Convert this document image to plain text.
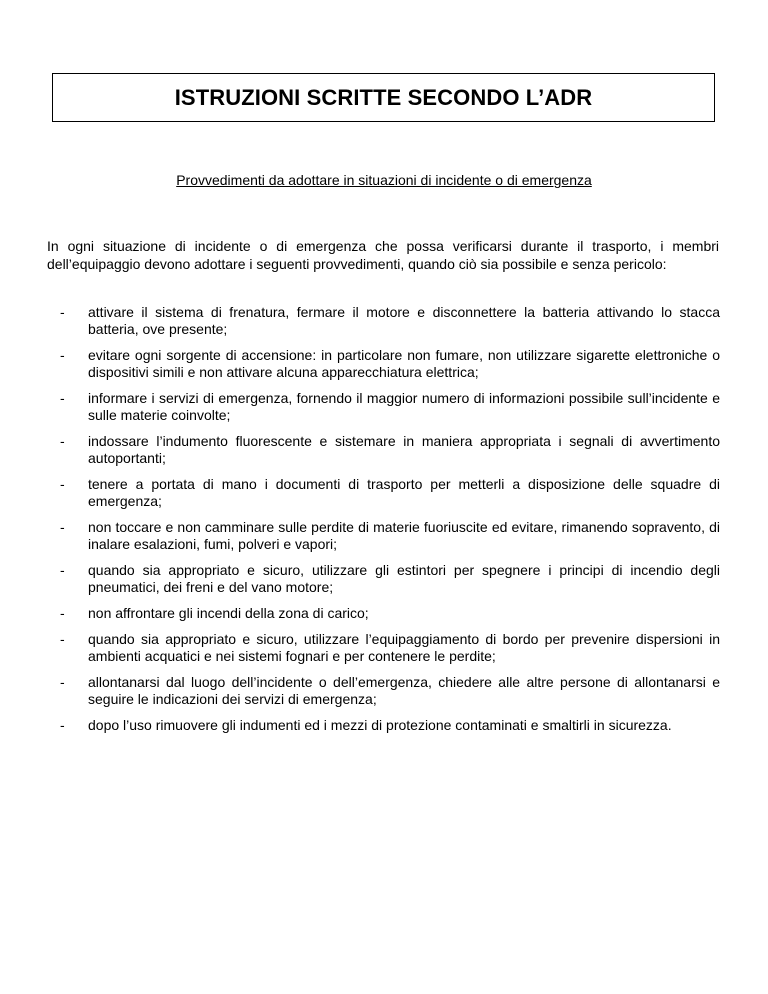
ISTRUZIONI SCRITTE SECONDO L’ADR

Provvedimenti da adottare in situazioni di incidente o di emergenza

In ogni situazione di incidente o di emergenza che possa verificarsi durante il trasporto, i membri dell’equipaggio devono adottare i seguenti provvedimenti, quando ciò sia possibile e senza pericolo:

-	attivare il sistema di frenatura, fermare il motore e disconnettere la batteria attivando lo stacca batteria, ove presente;
-	evitare ogni sorgente di accensione: in particolare non fumare, non utilizzare sigarette elettroniche o dispositivi simili e non attivare alcuna apparecchiatura elettrica;
-	informare i servizi di emergenza, fornendo il maggior numero di informazioni possibile sull’incidente e sulle materie coinvolte;
-	indossare l’indumento fluorescente e sistemare in maniera appropriata i segnali di avvertimento autoportanti;
-	tenere a portata di mano i documenti di trasporto per metterli a disposizione delle squadre di emergenza;
-	non toccare e non camminare sulle perdite di materie fuoriuscite ed evitare, rimanendo sopravento, di inalare esalazioni, fumi, polveri e vapori;
-	quando sia appropriato e sicuro, utilizzare gli estintori per spegnere i principi di incendio degli pneumatici, dei freni e del vano motore;
-	non affrontare gli incendi della zona di carico;
-	quando sia appropriato e sicuro, utilizzare l’equipaggiamento di bordo per prevenire dispersioni in ambienti acquatici e nei sistemi fognari e per contenere le perdite;
-	allontanarsi dal luogo dell’incidente o dell’emergenza, chiedere alle altre persone di allontanarsi e seguire le indicazioni dei servizi di emergenza;
-	dopo l’uso rimuovere gli indumenti ed i mezzi di protezione contaminati e smaltirli in sicurezza.
